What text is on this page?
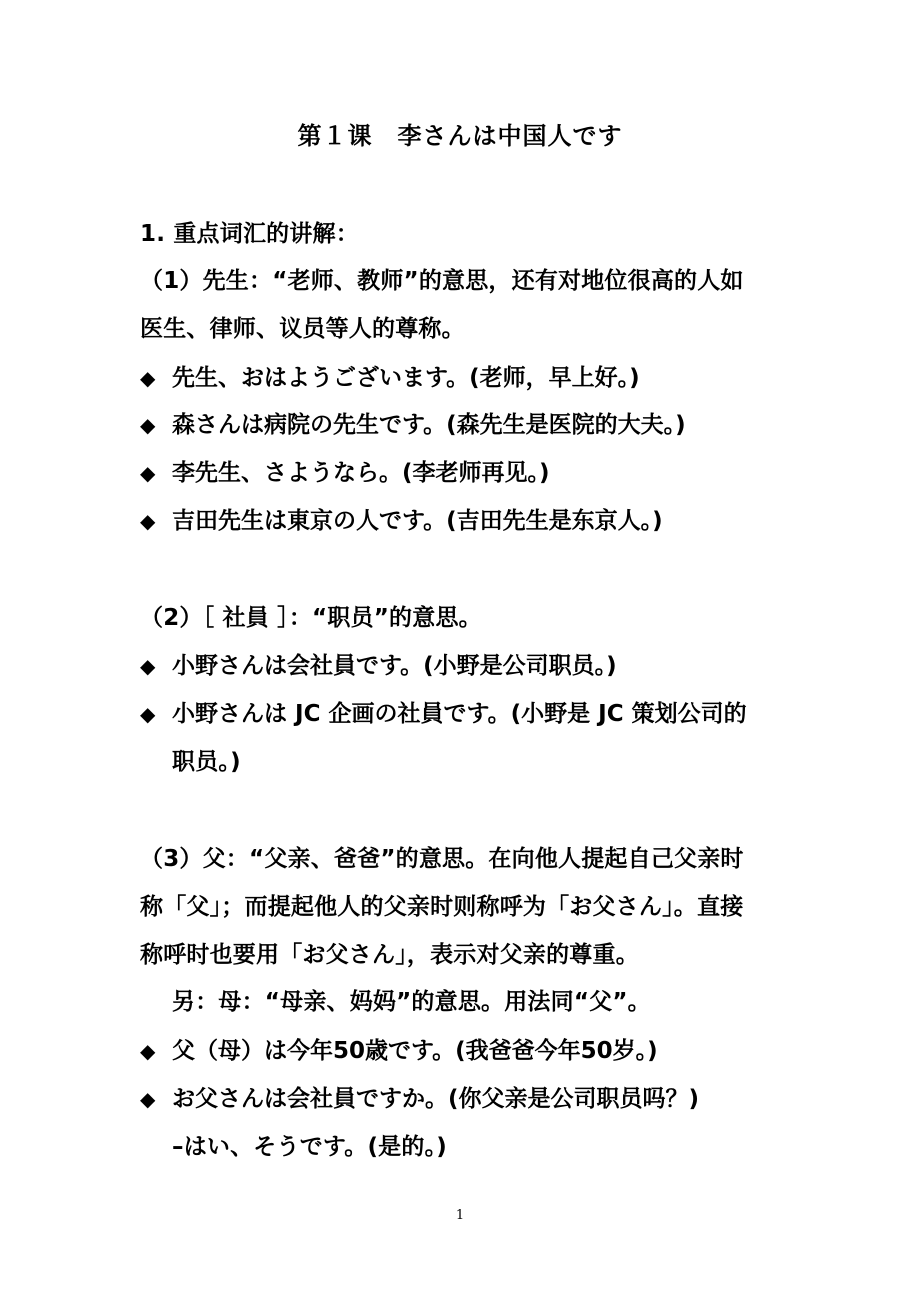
第１课　李さんは中国人です
1. 重点词汇的讲解：
（1）先生：“老师、教师”的意思，还有对地位很高的人如
医生、律师、议员等人的尊称。
◆ 先生、おはようございます。(老师，早上好。)
◆ 森さんは病院の先生です。(森先生是医院的大夫。)
◆ 李先生、さようなら。(李老师再见。)
◆ 吉田先生は東京の人です。(吉田先生是东京人。)
（2）［ 社員 ］：“职员”的意思。
◆ 小野さんは会社員です。(小野是公司职员。)
◆ 小野さんは JC 企画の社員です。(小野是 JC 策划公司的
职员。)
（3）父：“父亲、爸爸”的意思。在向他人提起自己父亲时
称「父」；而提起他人的父亲时则称呼为「お父さん」。直接
称呼时也要用「お父さん」，表示对父亲的尊重。
另：母：“母亲、妈妈”的意思。用法同“父”。
◆ 父（母）は今年50歳です。(我爸爸今年50岁。)
◆ お父さんは会社員ですか。(你父亲是公司职员吗？)
–はい、そうです。(是的。)
1
